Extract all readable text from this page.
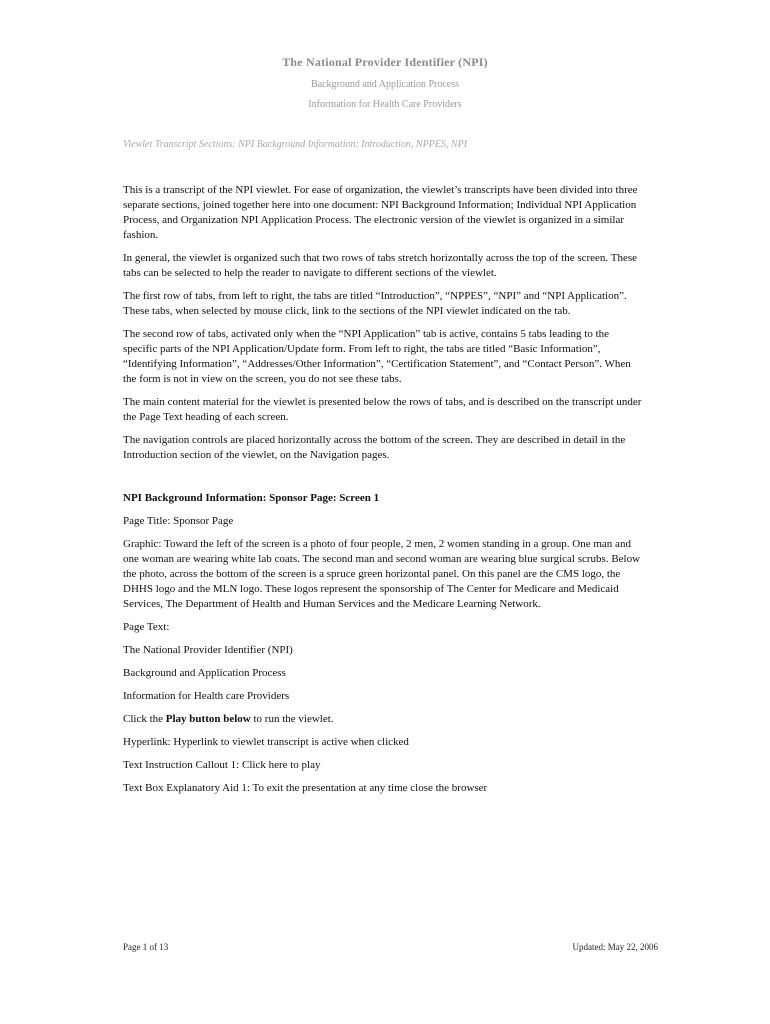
The National Provider Identifier (NPI)
Background and Application Process
Information for Health Care Providers
Viewlet Transcript Sections: NPI Background Information: Introduction, NPPES, NPI

This is a transcript of the NPI viewlet. For ease of organization, the viewlet’s transcripts have been divided into three separate sections, joined together here into one document: NPI Background Information; Individual NPI Application Process, and Organization NPI Application Process. The electronic version of the viewlet is organized in a similar fashion.

In general, the viewlet is organized such that two rows of tabs stretch horizontally across the top of the screen. These tabs can be selected to help the reader to navigate to different sections of the viewlet.

The first row of tabs, from left to right, the tabs are titled “Introduction”, “NPPES”, “NPI” and “NPI Application”. These tabs, when selected by mouse click, link to the sections of the NPI viewlet indicated on the tab.

The second row of tabs, activated only when the “NPI Application” tab is active, contains 5 tabs leading to the specific parts of the NPI Application/Update form. From left to right, the tabs are titled “Basic Information”, “Identifying Information”, “Addresses/Other Information”, “Certification Statement”, and “Contact Person”. When the form is not in view on the screen, you do not see these tabs.

The main content material for the viewlet is presented below the rows of tabs, and is described on the transcript under the Page Text heading of each screen.

The navigation controls are placed horizontally across the bottom of the screen. They are described in detail in the Introduction section of the viewlet, on the Navigation pages.

NPI Background Information: Sponsor Page: Screen 1

Page Title: Sponsor Page

Graphic: Toward the left of the screen is a photo of four people, 2 men, 2 women standing in a group. One man and one woman are wearing white lab coats. The second man and second woman are wearing blue surgical scrubs. Below the photo, across the bottom of the screen is a spruce green horizontal panel. On this panel are the CMS logo, the DHHS logo and the MLN logo. These logos represent the sponsorship of The Center for Medicare and Medicaid Services, The Department of Health and Human Services and the Medicare Learning Network.

Page Text:

The National Provider Identifier (NPI)

Background and Application Process

Information for Health care Providers

Click the Play button below to run the viewlet.

Hyperlink: Hyperlink to viewlet transcript is active when clicked

Text Instruction Callout 1: Click here to play

Text Box Explanatory Aid 1: To exit the presentation at any time close the browser

Page 1 of 13	Updated: May 22, 2006
